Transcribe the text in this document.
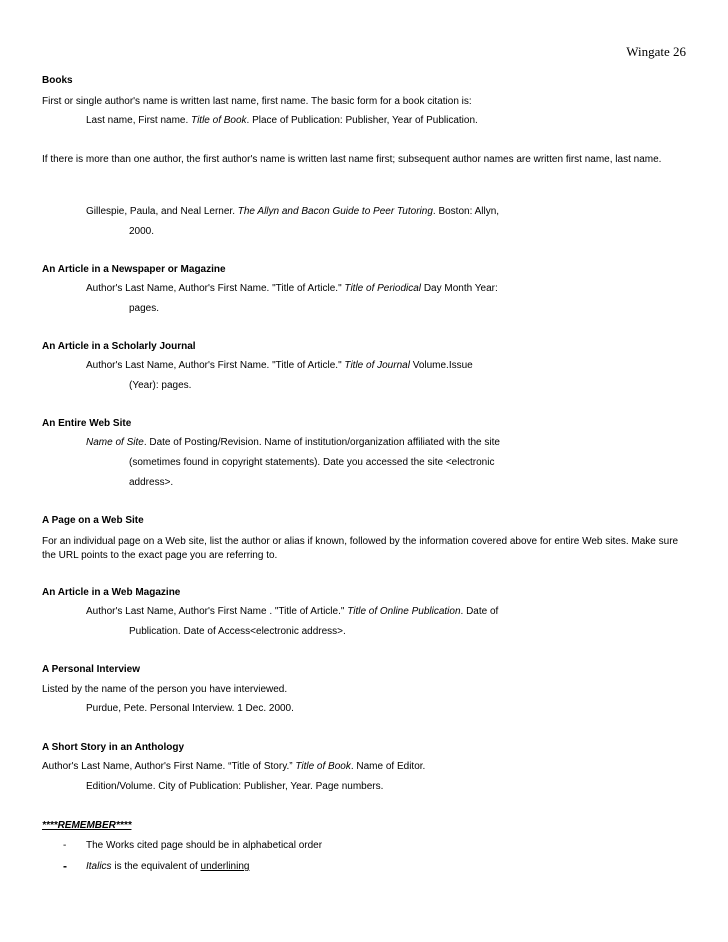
Wingate 26
Books
First or single author's name is written last name, first name. The basic form for a book citation is:
Last name, First name. Title of Book. Place of Publication: Publisher, Year of Publication.
If there is more than one author, the first author's name is written last name first; subsequent author names are written first name, last name.
Gillespie, Paula, and Neal Lerner. The Allyn and Bacon Guide to Peer Tutoring. Boston: Allyn,
2000.
An Article in a Newspaper or Magazine
Author's Last Name, Author's First Name. "Title of Article." Title of Periodical Day Month Year:
pages.
An Article in a Scholarly Journal
Author's Last Name, Author's First Name. "Title of Article." Title of Journal Volume.Issue
(Year): pages.
An Entire Web Site
Name of Site. Date of Posting/Revision. Name of institution/organization affiliated with the site
(sometimes found in copyright statements). Date you accessed the site <electronic
address>.
A Page on a Web Site
For an individual page on a Web site, list the author or alias if known, followed by the information covered above for entire Web sites. Make sure the URL points to the exact page you are referring to.
An Article in a Web Magazine
Author's Last Name, Author's First Name . "Title of Article." Title of Online Publication. Date of
Publication. Date of Access<electronic address>.
A Personal Interview
Listed by the name of the person you have interviewed.
Purdue, Pete. Personal Interview. 1 Dec. 2000.
A Short Story in an Anthology
Author's Last Name, Author's First Name. “Title of Story.” Title of Book. Name of Editor.
Edition/Volume. City of Publication: Publisher, Year. Page numbers.
****REMEMBER****
- The Works cited page should be in alphabetical order
- Italics is the equivalent of underlining
